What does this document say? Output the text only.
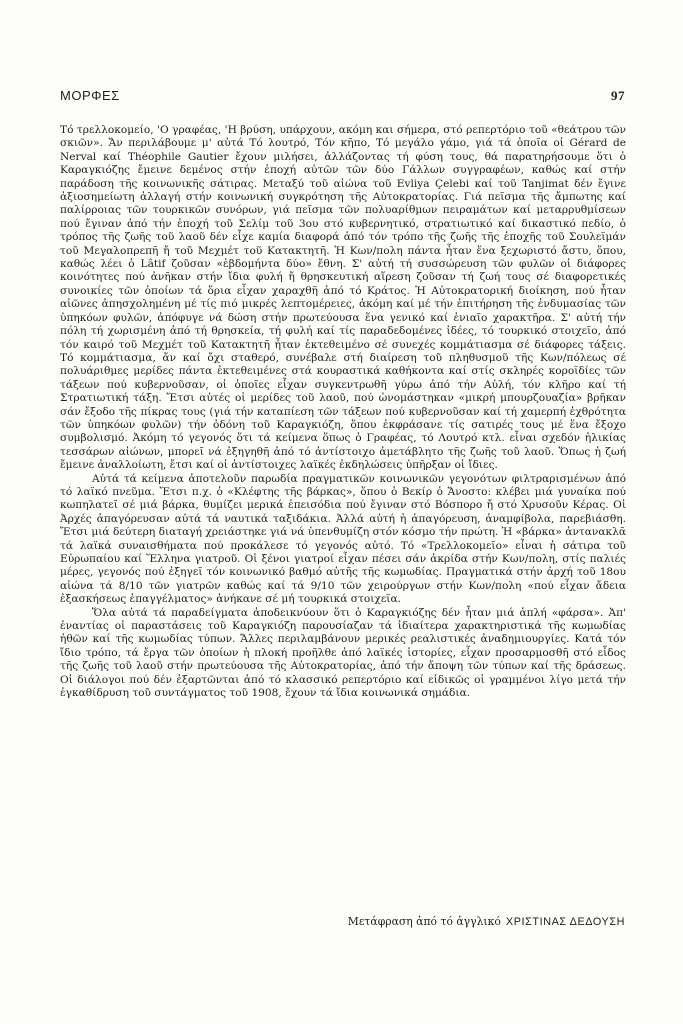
ΜΟΡΦΕΣ	97

Τό τρελλοκομείο, 'Ο γραφέας, 'Η βρύση, υπάρχουν, ακόμη και σήμερα, στό ρεπερτόριο τοῦ «θεάτρου τῶν σκιῶν». Ἄν περιλάβουμε μ' αὐτά Τό λουτρό, Τόν κῆπο, Τό μεγάλο γάμο, γιά τά ὁποῖα οἱ Gérard de Nerval καί Théophile Gautier ἔχουν μιλήσει, ἀλλάζοντας τή φύση τους, θά παρατηρήσουμε ὅτι ὁ Καραγκιόζης ἔμεινε δεμένος στήν ἐποχή αὐτῶν τῶν δύο Γάλλων συγγραφέων, καθώς καί στήν παράδοση τῆς κοινωνικῆς σάτιρας. Μεταξύ τοῦ αἰώνα τοῦ Evliya Çelebi καί τοῦ Tanjimat δέν ἔγινε ἀξιοσημείωτη ἀλλαγή στήν κοινωνική συγκρότηση τῆς Αὐτοκρατορίας. Γιά πεῖσμα τῆς ἄμπωτης καί παλίρροιας τῶν τουρκικῶν συνόρων, γιά πεῖσμα τῶν πολυαρίθμων πειραμάτων καί μεταρρυθμίσεων πού ἔγιναν ἀπό τήν ἐποχή τοῦ Σελίμ τοῦ 3ου στό κυβερνητικό, στρατιωτικό καί δικαστικό πεδίο, ὁ τρόπος τῆς ζωῆς τοῦ λαοῦ δέν εἶχε καμία διαφορά ἀπό τόν τρόπο τῆς ζωῆς τῆς ἐποχῆς τοῦ Σουλεϊμάν τοῦ Μεγαλοπρεπῆ ἤ τοῦ Μεχμέτ τοῦ Κατακτητῆ. Ἡ Κων/πολη πάντα ἦταν ἕνα ξεχωριστό ἄστυ, ὅπου, καθώς λέει ὁ Lâtif ζοῦσαν «ἑβδομήντα δύο» ἔθνη. Σ' αὐτή τή συσσώρευση τῶν φυλῶν οἱ διάφορες κοινότητες πού ἀνῆκαν στήν ἴδια φυλή ἤ θρησκευτική αἵρεση ζοῦσαν τή ζωή τους σέ διαφορετικές συνοικίες τῶν ὁποίων τά ὅρια εἶχαν χαραχθῆ ἀπό τό Κράτος. Ἡ Αὐτοκρατορική διοίκηση, πού ἦταν αἰῶνες ἀπησχολημένη μέ τίς πιό μικρές λεπτομέρειες, ἀκόμη καί μέ τήν ἐπιτήρηση τῆς ἐνδυμασίας τῶν ὑπηκόων φυλῶν, ἀπόφυγε νά δώση στήν πρωτεύουσα ἕνα γενικό καί ἑνιαῖο χαρακτῆρα. Σ' αὐτή τήν πόλη τή χωρισμένη ἀπό τή θρησκεία, τή φυλή καί τίς παραδεδομένες ἰδέες, τό τουρκικό στοιχεῖο, ἀπό τόν καιρό τοῦ Μεχμέτ τοῦ Κατακτητῆ ἦταν ἐκτεθειμένο σέ συνεχές κομμάτιασμα σέ διάφορες τάξεις. Τό κομμάτιασμα, ἄν καί ὄχι σταθερό, συνέβαλε στή διαίρεση τοῦ πληθυσμοῦ τῆς Κων/πόλεως σέ πολυάριθμες μερίδες πάντα ἐκτεθειμένες στά κουραστικά καθήκοντα καί στίς σκληρές κοροϊδίες τῶν τάξεων πού κυβερνοῦσαν, οἱ ὁποῖες εἶχαν συγκεντρωθῆ γύρω ἀπό τήν Αὐλή, τόν κλῆρο καί τή Στρατιωτική τάξη. Ἔτσι αὐτές οἱ μερίδες τοῦ λαοῦ, πού ὠνομάστηκαν «μικρή μπουρζουαζία» βρῆκαν σάν ἔξοδο τῆς πίκρας τους (γιά τήν καταπίεση τῶν τάξεων πού κυβερνοῦσαν καί τή χαμερπή ἐχθρότητα τῶν ὑπηκόων φυλῶν) τήν ὁδόνη τοῦ Καραγκιόζη, ὅπου ἐκφράσανε τίς σατιρές τους μέ ἕνα ἔξοχο συμβολισμό. Ἀκόμη τό γεγονός ὅτι τά κείμενα ὅπως ὁ Γραφέας, τό Λουτρό κτλ. εἶναι σχεδόν ἡλικίας τεσσάρων αἰώνων, μπορεῖ νά ἐξηγηθῆ ἀπό τό ἀντίστοιχο ἀμετάβλητο τῆς ζωῆς τοῦ λαοῦ. Ὅπως ἡ ζωή ἔμεινε ἀναλλοίωτη, ἔτσι καί οἱ ἀντίστοιχες λαϊκές ἐκδηλώσεις ὑπῆρξαν οἱ ἴδιες.

Αὐτά τά κείμενα ἀποτελοῦν παρωδία πραγματικῶν κοινωνικῶν γεγονότων φιλτραρισμένων ἀπό τό λαϊκό πνεῦμα. Ἔτσι π.χ. ὁ «Κλέφτης τῆς βάρκας», ὅπου ὁ Βεκίρ ὁ Ἄνοστο: κλέβει μιά γυναίκα πού κωπηλατεῖ σέ μιά βάρκα, θυμίζει μερικά ἐπεισόδια πού ἔγιναν στό Βόσπορο ἤ στό Χρυσοῦν Κέρας. Οἱ Ἀρχές ἀπαγόρευσαν αὐτά τά ναυτικά ταξιδάκια. Ἀλλά αὐτή ἡ ἀπαγόρευση, ἀναμφίβολα, παρεβιάσθη. Ἔτσι μιά δεύτερη διαταγή χρειάστηκε γιά νά ὑπενθυμίζη στόν κόσμο τήν πρώτη. Ἡ «βάρκα» ἀντανακλᾶ τά λαϊκά συναισθήματα πού προκάλεσε τό γεγονός αὐτό. Τό «Τρελλοκομεῖο» εἶναι ἡ σάτιρα τοῦ Εὐρωπαίου καί Ἕλληνα γιατροῦ. Οἱ ξένοι γιατροί εἶχαν πέσει σάν ἀκρίδα στήν Κων/πολη, στίς παλιές μέρες, γεγονός πού ἐξηγεῖ τόν κοινωνικό βαθμό αὐτῆς τῆς κωμωδίας. Πραγματικά στήν ἀρχή τοῦ 18ου αἰώνα τά 8/10 τῶν γιατρῶν καθώς καί τά 9/10 τῶν χειρούργων στήν Κων/πολη «πού εἶχαν ἄδεια ἐξασκήσεως ἐπαγγέλματος» ἀνήκανε σέ μή τουρκικά στοιχεῖα.

Ὅλα αὐτά τά παραδείγματα ἀποδεικνύουν ὅτι ὁ Καραγκιόζης δέν ἦταν μιά ἁπλή «φάρσα». Ἀπ' ἐναντίας οἱ παραστάσεις τοῦ Καραγκιόζη παρουσίαζαν τά ἰδιαίτερα χαρακτηριστικά τῆς κωμωδίας ἠθῶν καί τῆς κωμωδίας τύπων. Ἄλλες περιλαμβάνουν μερικές ρεαλιστικές ἀναδημιουργίες. Κατά τόν ἴδιο τρόπο, τά ἔργα τῶν ὁποίων ἡ πλοκή προῆλθε ἀπό λαϊκές ἱστορίες, εἶχαν προσαρμοσθῆ στό εἶδος τῆς ζωῆς τοῦ λαοῦ στήν πρωτεύουσα τῆς Αὐτοκρατορίας, ἀπό τήν ἄποψη τῶν τύπων καί τῆς δράσεως. Οἱ διάλογοι πού δέν ἐξαρτῶνται ἀπό τό κλασσικό ρεπερτόριο καί εἰδικῶς οἱ γραμμένοι λίγο μετά τήν ἐγκαθίδρυση τοῦ συντάγματος τοῦ 1908, ἔχουν τά ἴδια κοινωνικά σημάδια.

Μετάφραση ἀπό τό ἀγγλικό ΧΡΙΣΤΙΝΑΣ ΔΕΔΟΥΣΗ
